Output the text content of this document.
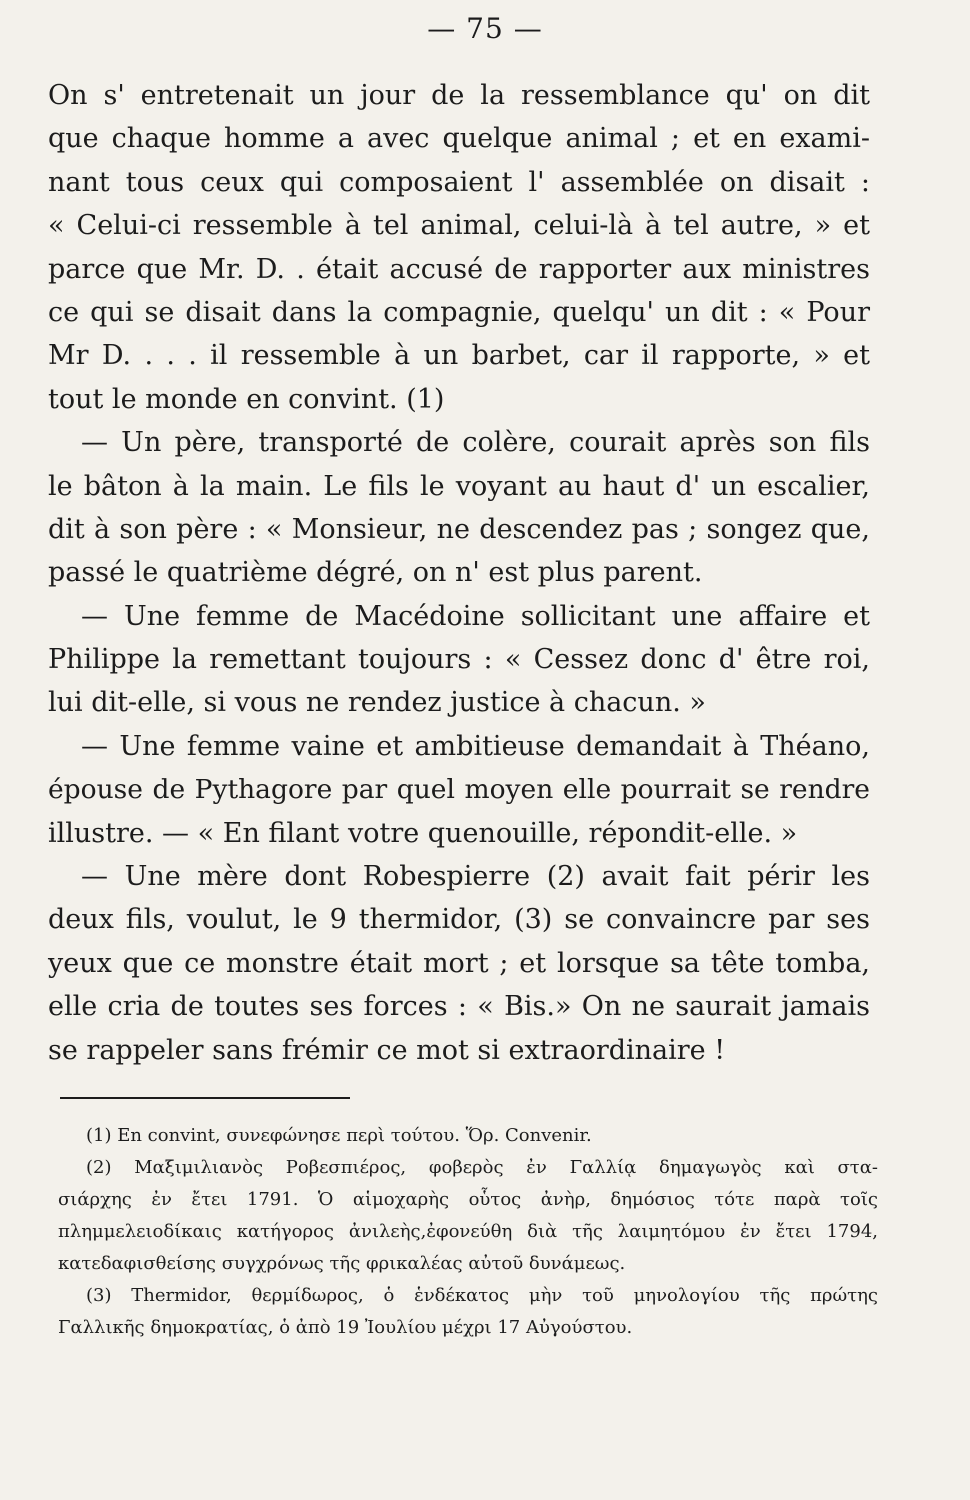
— 75 —
On s' entretenait un jour de la ressemblance qu' on dit
que chaque homme a avec quelque animal ; et en exami-
nant tous ceux qui composaient l' assemblée on disait :
« Celui-ci ressemble à tel animal, celui-là à tel autre, » et
parce que Mr. D. . était accusé de rapporter aux ministres
ce qui se disait dans la compagnie, quelqu' un dit : « Pour
Mr D. . . . il ressemble à un barbet, car il rapporte, » et
tout le monde en convint. (1)
— Un père, transporté de colère, courait après son fils
le bâton à la main. Le fils le voyant au haut d' un escalier,
dit à son père : « Monsieur, ne descendez pas ; songez que,
passé le quatrième dégré, on n' est plus parent.
— Une femme de Macédoine sollicitant une affaire et
Philippe la remettant toujours : « Cessez donc d' être roi,
lui dit-elle, si vous ne rendez justice à chacun. »
— Une femme vaine et ambitieuse demandait à Théano,
épouse de Pythagore par quel moyen elle pourrait se rendre
illustre. — « En filant votre quenouille, répondit-elle. »
— Une mère dont Robespierre (2) avait fait périr les
deux fils, voulut, le 9 thermidor, (3) se convaincre par ses
yeux que ce monstre était mort ; et lorsque sa tête tomba,
elle cria de toutes ses forces : « Bis.» On ne saurait jamais
se rappeler sans frémir ce mot si extraordinaire !
(1) En convint, συνεφώνησε περὶ τούτου. Ὅρ. Convenir.
(2) Μαξιμιλιανὸς Ροβεσπιέρος, φοβερὸς ἐν Γαλλίᾳ δημαγωγὸς καὶ στα-
σιάρχης ἐν ἔτει 1791. Ὁ αἱμοχαρὴς οὗτος ἀνὴρ, δημόσιος τότε παρὰ τοῖς
πλημμελειοδίκαις κατήγορος ἀνιλεὴς,ἐφονεύθη διὰ τῆς λαιμητόμου ἐν ἔτει 1794,
κατεδαφισθείσης συγχρόνως τῆς φρικαλέας αὐτοῦ δυνάμεως.
(3) Thermidor, θερμίδωρος, ὁ ἑνδέκατος μὴν τοῦ μηνολογίου τῆς πρώτης
Γαλλικῆς δημοκρατίας, ὁ ἀπὸ 19 Ἰουλίου μέχρι 17 Αὐγούστου.
